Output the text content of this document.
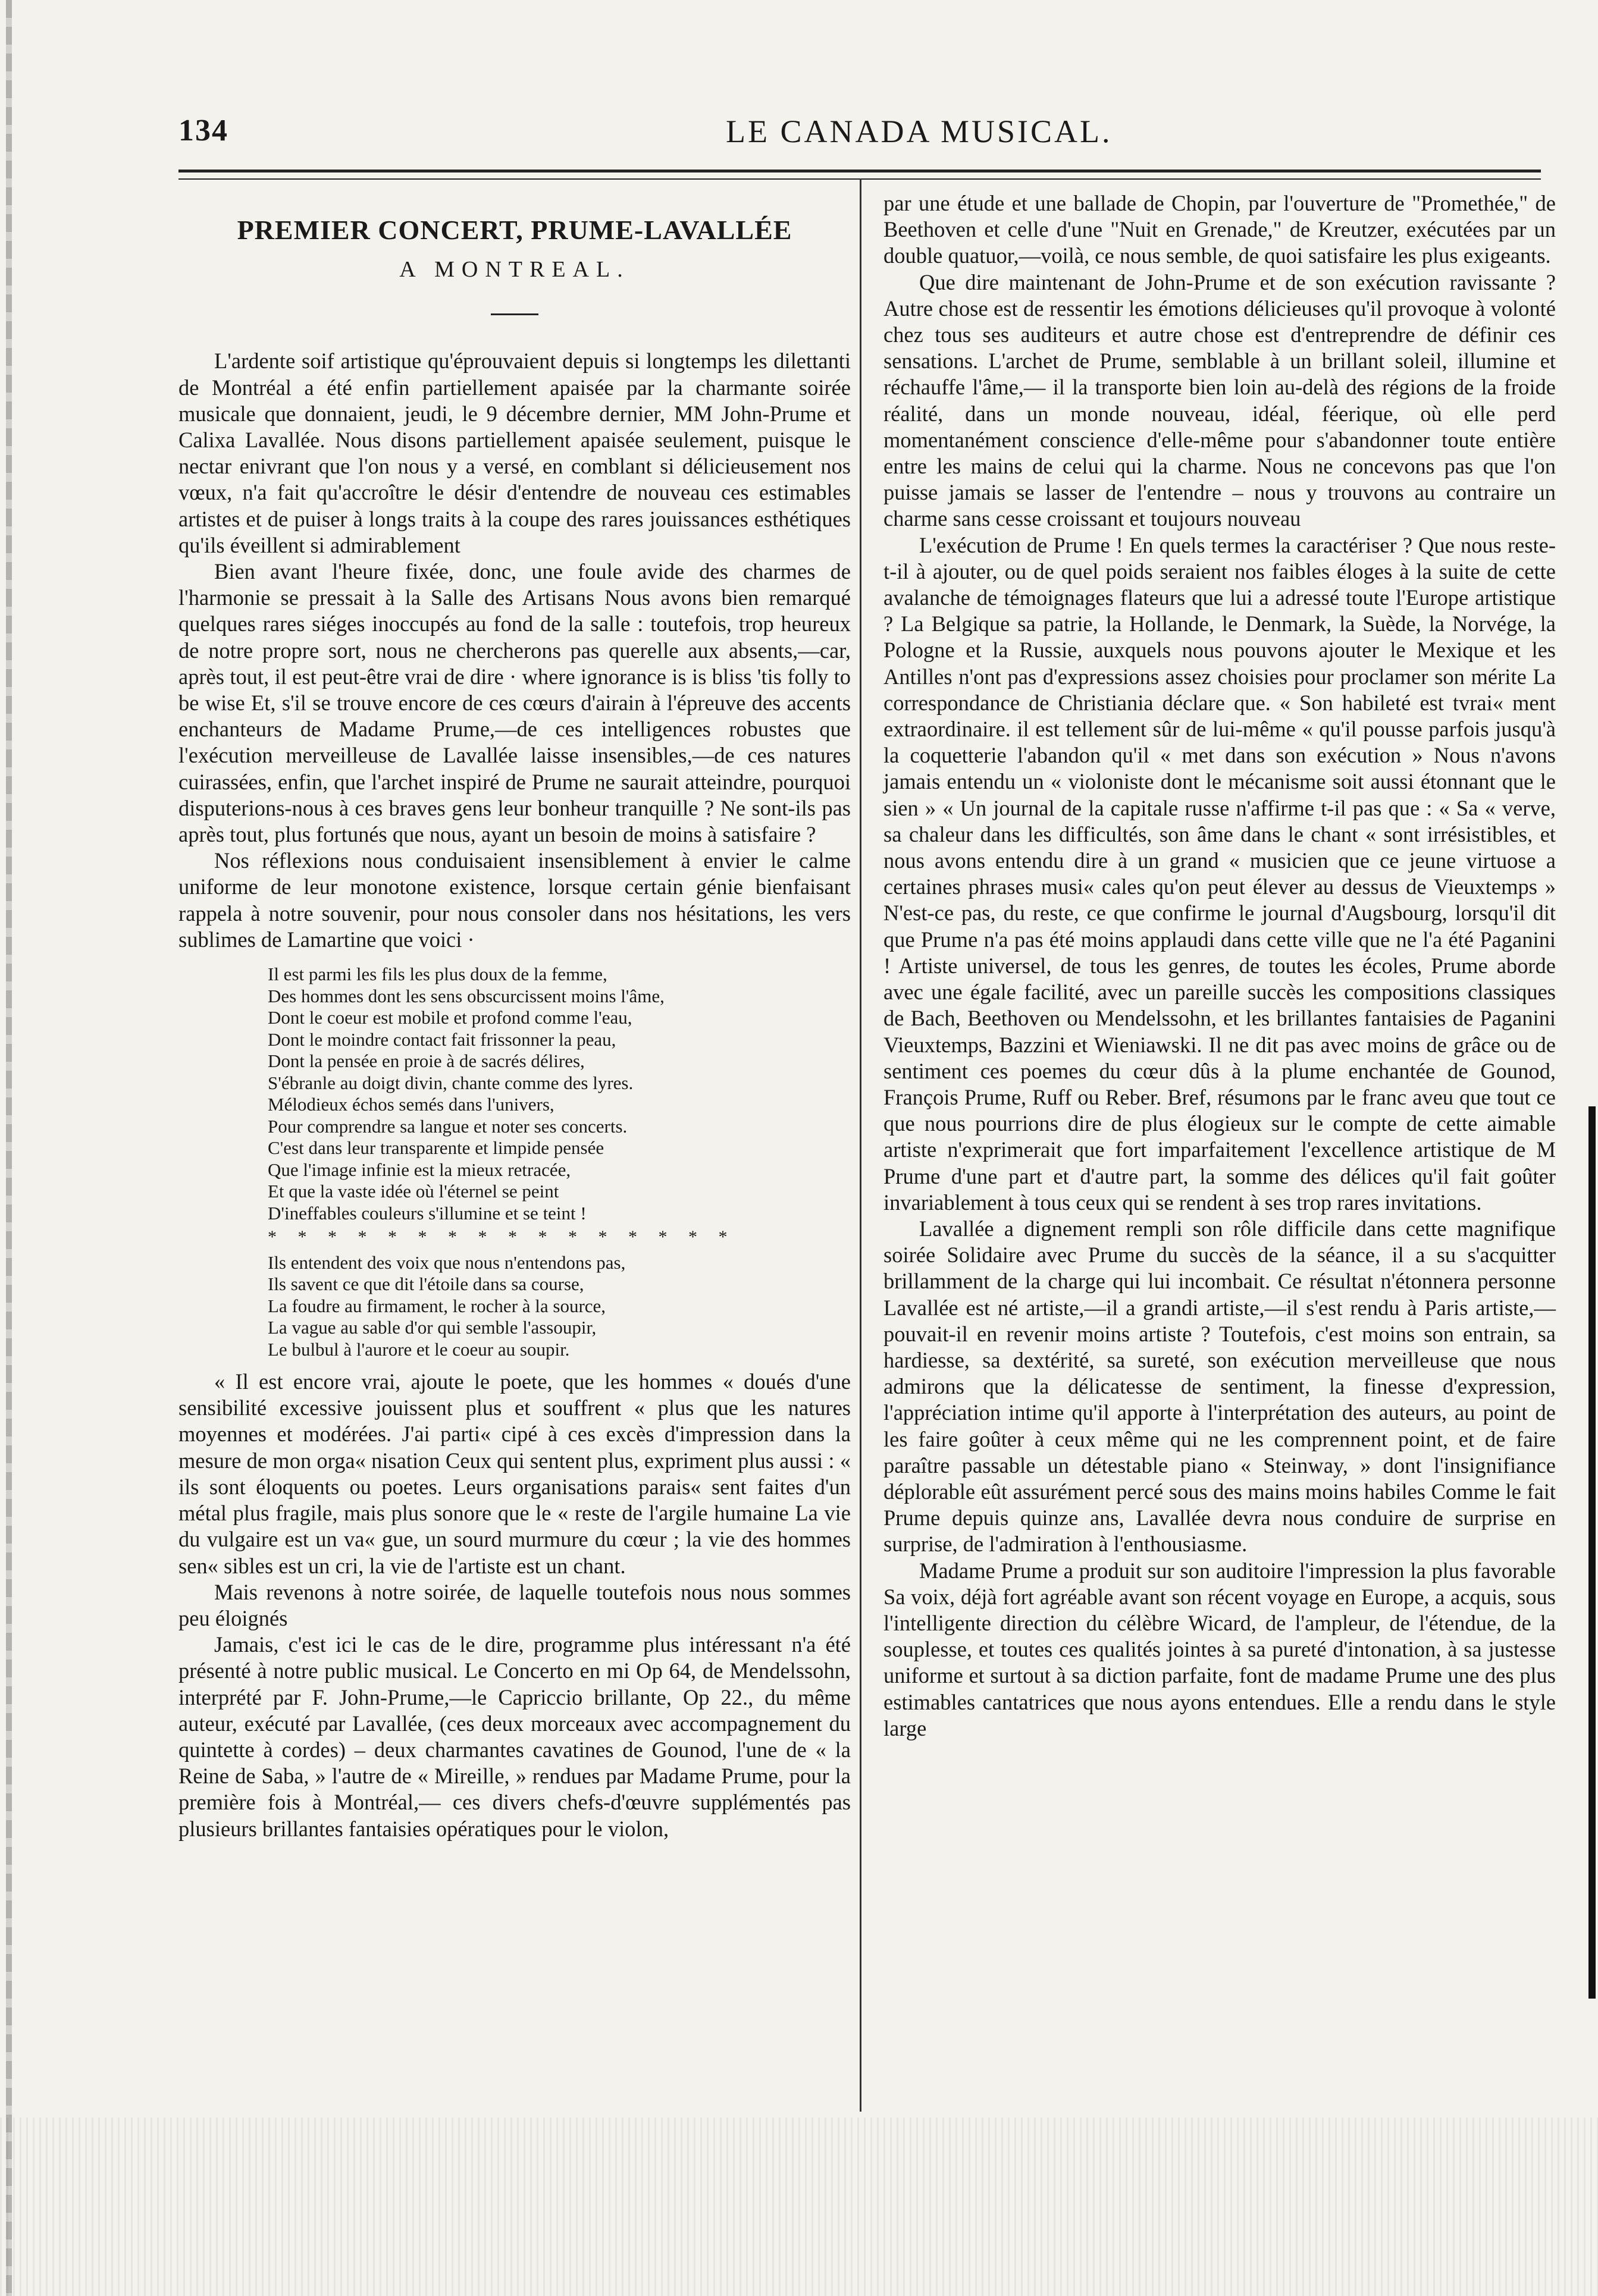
134	LE CANADA MUSICAL.
PREMIER CONCERT, PRUME-LAVALLÉE
A MONTREAL.

L'ardente soif artistique qu'éprouvaient depuis si longtemps les dilettanti de Montréal a été enfin partiellement apaisée par la charmante soirée musicale que donnaient, jeudi, le 9 décembre dernier, MM John-Prume et Calixa Lavallée. Nous disons partiellement apaisée seulement, puisque le nectar enivrant que l'on nous y a versé, en comblant si délicieusement nos vœux, n'a fait qu'accroître le désir d'entendre de nouveau ces estimables artistes et de puiser à longs traits à la coupe des rares jouissances esthétiques qu'ils éveillent si admirablement

Bien avant l'heure fixée, donc, une foule avide des charmes de l'harmonie se pressait à la Salle des Artisans Nous avons bien remarqué quelques rares siéges inoccupés au fond de la salle : toutefois, trop heureux de notre propre sort, nous ne chercherons pas querelle aux absents,—car, après tout, il est peut-être vrai de dire · where ignorance is is bliss 'tis folly to be wise Et, s'il se trouve encore de ces cœurs d'airain à l'épreuve des accents enchanteurs de Madame Prume,—de ces intelligences robustes que l'exécution merveilleuse de Lavallée laisse insensibles,—de ces natures cuirassées, enfin, que l'archet inspiré de Prume ne saurait atteindre, pourquoi disputerions-nous à ces braves gens leur bonheur tranquille ? Ne sont-ils pas après tout, plus fortunés que nous, ayant un besoin de moins à satisfaire ?

Nos réflexions nous conduisaient insensiblement à envier le calme uniforme de leur monotone existence, lorsque certain génie bienfaisant rappela à notre souvenir, pour nous consoler dans nos hésitations, les vers sublimes de Lamartine que voici ·

Il est parmi les fils les plus doux de la femme,
Des hommes dont les sens obscurcissent moins l'âme,
Dont le coeur est mobile et profond comme l'eau,
Dont le moindre contact fait frissonner la peau,
Dont la pensée en proie à de sacrés délires,
S'ébranle au doigt divin, chante comme des lyres.
Mélodieux échos semés dans l'univers,
Pour comprendre sa langue et noter ses concerts.
C'est dans leur transparente et limpide pensée
Que l'image infinie est la mieux retracée,
Et que la vaste idée où l'éternel se peint
D'ineffables couleurs s'illumine et se teint !
* * * * * * * * * * * * * * * *
Ils entendent des voix que nous n'entendons pas,
Ils savent ce que dit l'étoile dans sa course,
La foudre au firmament, le rocher à la source,
La vague au sable d'or qui semble l'assoupir,
Le bulbul à l'aurore et le coeur au soupir.

« Il est encore vrai, ajoute le poete, que les hommes « doués d'une sensibilité excessive jouissent plus et souffrent « plus que les natures moyennes et modérées. J'ai parti« cipé à ces excès d'impression dans la mesure de mon orga« nisation Ceux qui sentent plus, expriment plus aussi : « ils sont éloquents ou poetes. Leurs organisations parais« sent faites d'un métal plus fragile, mais plus sonore que le « reste de l'argile humaine La vie du vulgaire est un va« gue, un sourd murmure du cœur ; la vie des hommes sen« sibles est un cri, la vie de l'artiste est un chant.

Mais revenons à notre soirée, de laquelle toutefois nous nous sommes peu éloignés

Jamais, c'est ici le cas de le dire, programme plus intéressant n'a été présenté à notre public musical. Le Concerto en mi Op 64, de Mendelssohn, interprété par F. John-Prume,—le Capriccio brillante, Op 22., du même auteur, exécuté par Lavallée, (ces deux morceaux avec accompagnement du quintette à cordes) – deux charmantes cavatines de Gounod, l'une de « la Reine de Saba, » l'autre de « Mireille, » rendues par Madame Prume, pour la première fois à Montréal,— ces divers chefs-d'œuvre supplémentés pas plusieurs brillantes fantaisies opératiques pour le violon,

par une étude et une ballade de Chopin, par l'ouverture de "Promethée," de Beethoven et celle d'une "Nuit en Grenade," de Kreutzer, exécutées par un double quatuor,—voilà, ce nous semble, de quoi satisfaire les plus exigeants.

Que dire maintenant de John-Prume et de son exécution ravissante ? Autre chose est de ressentir les émotions délicieuses qu'il provoque à volonté chez tous ses auditeurs et autre chose est d'entreprendre de définir ces sensations. L'archet de Prume, semblable à un brillant soleil, illumine et réchauffe l'âme,— il la transporte bien loin au-delà des régions de la froide réalité, dans un monde nouveau, idéal, féerique, où elle perd momentanément conscience d'elle-même pour s'abandonner toute entière entre les mains de celui qui la charme. Nous ne concevons pas que l'on puisse jamais se lasser de l'entendre – nous y trouvons au contraire un charme sans cesse croissant et toujours nouveau

L'exécution de Prume ! En quels termes la caractériser ? Que nous reste-t-il à ajouter, ou de quel poids seraient nos faibles éloges à la suite de cette avalanche de témoignages flateurs que lui a adressé toute l'Europe artistique ? La Belgique sa patrie, la Hollande, le Denmark, la Suède, la Norvége, la Pologne et la Russie, auxquels nous pouvons ajouter le Mexique et les Antilles n'ont pas d'expressions assez choisies pour proclamer son mérite La correspondance de Christiania déclare que. « Son habileté est tvrai« ment extraordinaire. il est tellement sûr de lui-même « qu'il pousse parfois jusqu'à la coquetterie l'abandon qu'il « met dans son exécution » Nous n'avons jamais entendu un « violoniste dont le mécanisme soit aussi étonnant que le sien » « Un journal de la capitale russe n'affirme t-il pas que : « Sa « verve, sa chaleur dans les difficultés, son âme dans le chant « sont irrésistibles, et nous avons entendu dire à un grand « musicien que ce jeune virtuose a certaines phrases musi« cales qu'on peut élever au dessus de Vieuxtemps » N'est-ce pas, du reste, ce que confirme le journal d'Augsbourg, lorsqu'il dit que Prume n'a pas été moins applaudi dans cette ville que ne l'a été Paganini ! Artiste universel, de tous les genres, de toutes les écoles, Prume aborde avec une égale facilité, avec un pareille succès les compositions classiques de Bach, Beethoven ou Mendelssohn, et les brillantes fantaisies de Paganini Vieuxtemps, Bazzini et Wieniawski. Il ne dit pas avec moins de grâce ou de sentiment ces poemes du cœur dûs à la plume enchantée de Gounod, François Prume, Ruff ou Reber. Bref, résumons par le franc aveu que tout ce que nous pourrions dire de plus élogieux sur le compte de cette aimable artiste n'exprimerait que fort imparfaitement l'excellence artistique de M Prume d'une part et d'autre part, la somme des délices qu'il fait goûter invariablement à tous ceux qui se rendent à ses trop rares invitations.

Lavallée a dignement rempli son rôle difficile dans cette magnifique soirée Solidaire avec Prume du succès de la séance, il a su s'acquitter brillamment de la charge qui lui incombait. Ce résultat n'étonnera personne Lavallée est né artiste,—il a grandi artiste,—il s'est rendu à Paris artiste,—pouvait-il en revenir moins artiste ? Toutefois, c'est moins son entrain, sa hardiesse, sa dextérité, sa sureté, son exécution merveilleuse que nous admirons que la délicatesse de sentiment, la finesse d'expression, l'appréciation intime qu'il apporte à l'interprétation des auteurs, au point de les faire goûter à ceux même qui ne les comprennent point, et de faire paraître passable un détestable piano « Steinway, » dont l'insignifiance déplorable eût assurément percé sous des mains moins habiles Comme le fait Prume depuis quinze ans, Lavallée devra nous conduire de surprise en surprise, de l'admiration à l'enthousiasme.

Madame Prume a produit sur son auditoire l'impression la plus favorable Sa voix, déjà fort agréable avant son récent voyage en Europe, a acquis, sous l'intelligente direction du célèbre Wicard, de l'ampleur, de l'étendue, de la souplesse, et toutes ces qualités jointes à sa pureté d'intonation, à sa justesse uniforme et surtout à sa diction parfaite, font de madame Prume une des plus estimables cantatrices que nous ayons entendues. Elle a rendu dans le style large
